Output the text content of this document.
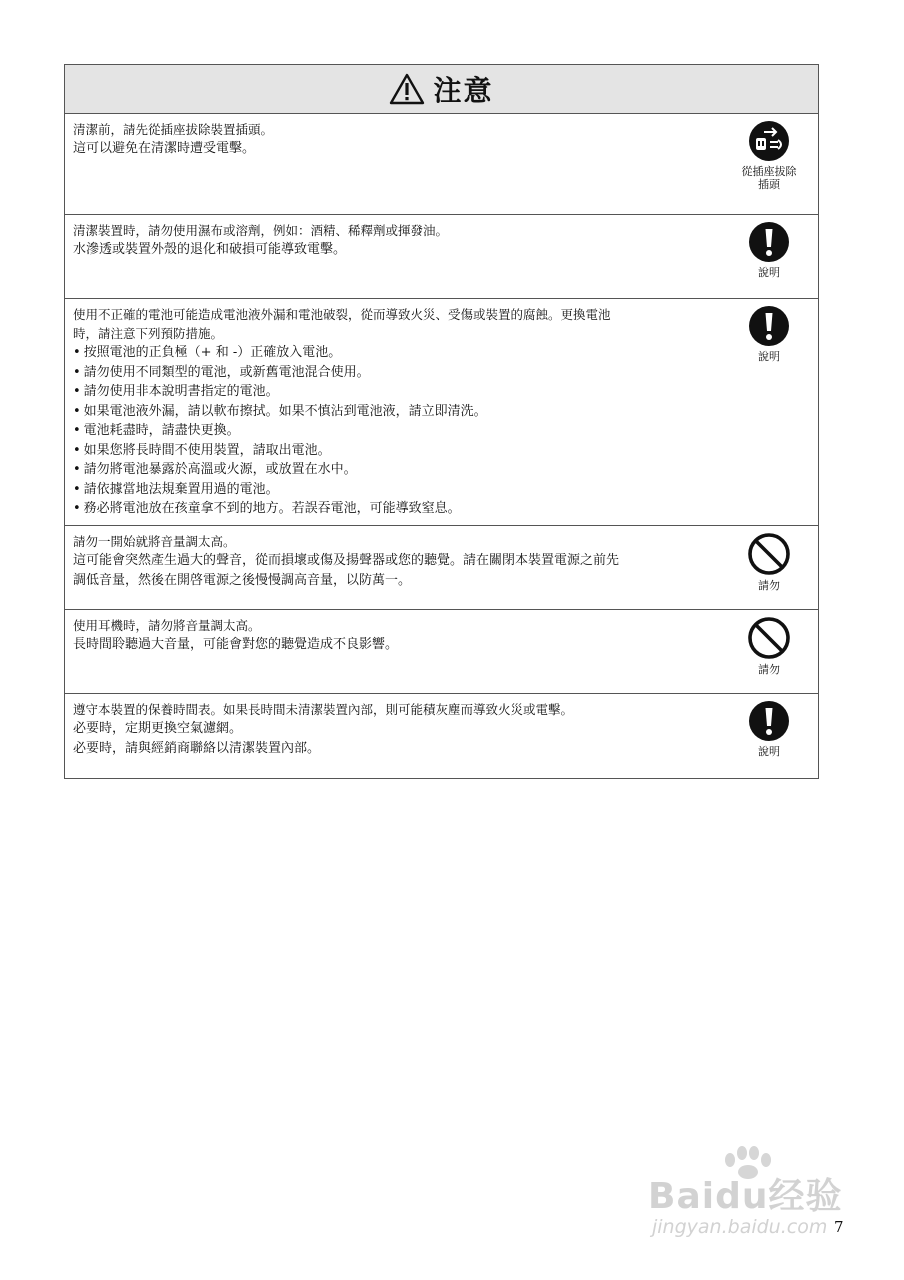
注意

清潔前，請先從插座拔除裝置插頭。

這可以避免在清潔時遭受電擊。

從插座拔除
插頭

清潔裝置時，請勿使用濕布或溶劑，例如：酒精、稀釋劑或揮發油。

水滲透或裝置外殼的退化和破損可能導致電擊。

說明

使用不正確的電池可能造成電池液外漏和電池破裂，從而導致火災、受傷或裝置的腐蝕。更換電池

時，請注意下列預防措施。

• 按照電池的正負極（+ 和 -）正確放入電池。
• 請勿使用不同類型的電池，或新舊電池混合使用。
• 請勿使用非本說明書指定的電池。
• 如果電池液外漏，請以軟布擦拭。如果不慎沾到電池液，請立即清洗。
• 電池耗盡時，請盡快更換。
• 如果您將長時間不使用裝置，請取出電池。
• 請勿將電池暴露於高溫或火源，或放置在水中。
• 請依據當地法規棄置用過的電池。
• 務必將電池放在孩童拿不到的地方。若誤吞電池，可能導致窒息。
說明

請勿一開始就將音量調太高。

這可能會突然產生過大的聲音，從而損壞或傷及揚聲器或您的聽覺。請在關閉本裝置電源之前先

調低音量，然後在開啓電源之後慢慢調高音量，以防萬一。	請勿

使用耳機時，請勿將音量調太高。

長時間聆聽過大音量，可能會對您的聽覺造成不良影響。

請勿

遵守本裝置的保養時間表。如果長時間未清潔裝置內部，則可能積灰塵而導致火災或電擊。

必要時，定期更換空氣濾網。

必要時，請與經銷商聯絡以清潔裝置內部。	說明
Baidu经验
jingyan.baidu.com 7
